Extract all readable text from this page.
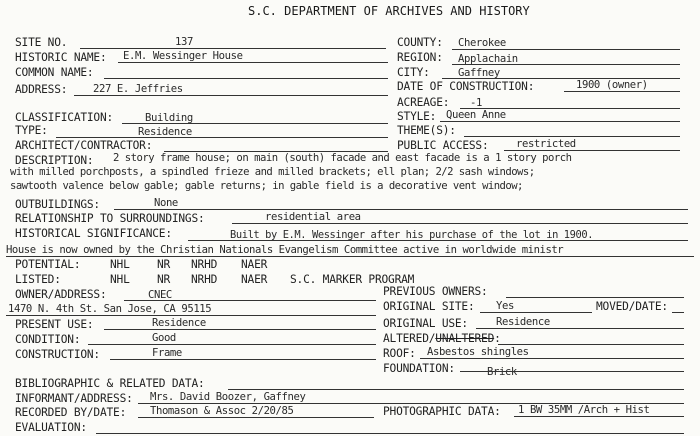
S.C. DEPARTMENT OF ARCHIVES AND HISTORY
SITE NO.	137
HISTORIC NAME: E.M. Wessinger House
COMMON NAME:
ADDRESS: 227 E. Jeffries
CLASSIFICATION:	Building
TYPE:	Residence
ARCHITECT/CONTRACTOR:
COUNTY: Cherokee
REGION: Applachain
CITY:	Gaffney
DATE OF CONSTRUCTION:	1900 (owner)
ACREAGE: -1
STYLE: Queen Anne
THEME(S):
PUBLIC ACCESS:	restricted
DESCRIPTION: 2 story frame house; on main (south) facade and east facade is a 1 story porch
with milled porchposts, a spindled frieze and milled brackets; ell plan; 2/2 sash windows;
sawtooth valence below gable; gable returns; in gable field is a decorative vent window;
OUTBUILDINGS:	None
RELATIONSHIP TO SURROUNDINGS:	residential area
HISTORICAL SIGNIFICANCE:	Built by E.M. Wessinger after his purchase of the lot in 1900.
House is now owned by the Christian Nationals Evangelism Committee active in worldwide ministr
POTENTIAL:	NHL NR NRHD NAER
LISTED:	NHL NR NRHD NAER S.C. MARKER PROGRAM
OWNER/ADDRESS:	CNEC
1470 N. 4th St. San Jose, CA 95115
PREVIOUS OWNERS:
ORIGINAL SITE: Yes	MOVED/DATE:
PRESENT USE:	Residence	ORIGINAL USE:	Residence
CONDITION:	Good	ALTERED/UNALTERED:
CONSTRUCTION:	Frame	ROOF: Asbestos shingles
FOUNDATION:	Brick
BIBLIOGRAPHIC & RELATED DATA:
INFORMANT/ADDRESS: Mrs. David Boozer, Gaffney
RECORDED BY/DATE: Thomason & Assoc 2/20/85	PHOTOGRAPHIC DATA: 1 BW 35MM /Arch + Hist
EVALUATION:
